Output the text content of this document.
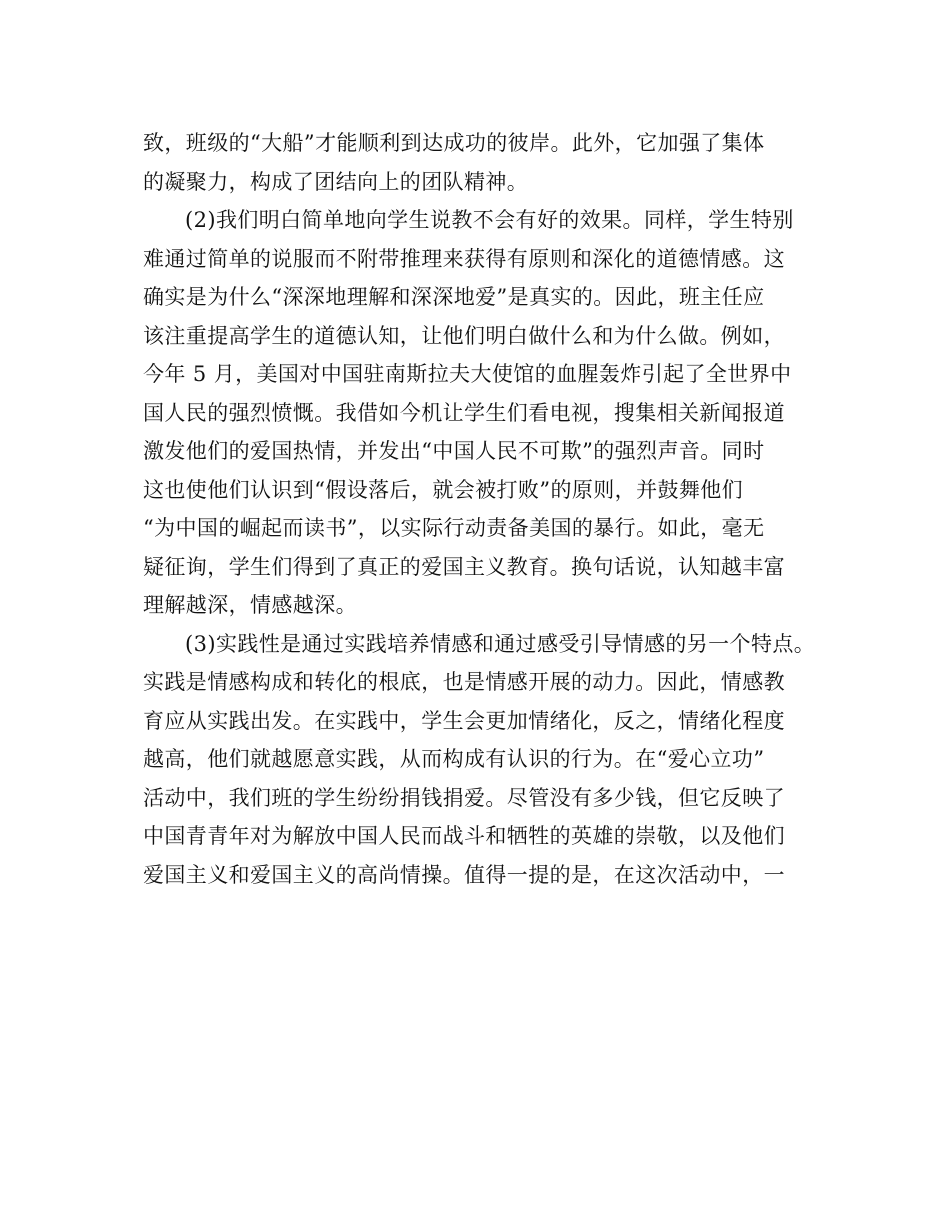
致，班级的“大船”才能顺利到达成功的彼岸。此外，它加强了集体
的凝聚力，构成了团结向上的团队精神。
(2)我们明白简单地向学生说教不会有好的效果。同样，学生特别
难通过简单的说服而不附带推理来获得有原则和深化的道德情感。这
确实是为什么“深深地理解和深深地爱”是真实的。因此，班主任应
该注重提高学生的道德认知，让他们明白做什么和为什么做。例如，
今年 5 月，美国对中国驻南斯拉夫大使馆的血腥轰炸引起了全世界中
国人民的强烈愤慨。我借如今机让学生们看电视，搜集相关新闻报道
激发他们的爱国热情，并发出“中国人民不可欺”的强烈声音。同时
这也使他们认识到“假设落后，就会被打败”的原则，并鼓舞他们
“为中国的崛起而读书”，以实际行动责备美国的暴行。如此，毫无
疑征询，学生们得到了真正的爱国主义教育。换句话说，认知越丰富
理解越深，情感越深。
(3)实践性是通过实践培养情感和通过感受引导情感的另一个特点。
实践是情感构成和转化的根底，也是情感开展的动力。因此，情感教
育应从实践出发。在实践中，学生会更加情绪化，反之，情绪化程度
越高，他们就越愿意实践，从而构成有认识的行为。在“爱心立功”
活动中，我们班的学生纷纷捐钱捐爱。尽管没有多少钱，但它反映了
中国青青年对为解放中国人民而战斗和牺牲的英雄的崇敬，以及他们
爱国主义和爱国主义的高尚情操。值得一提的是，在这次活动中，一
